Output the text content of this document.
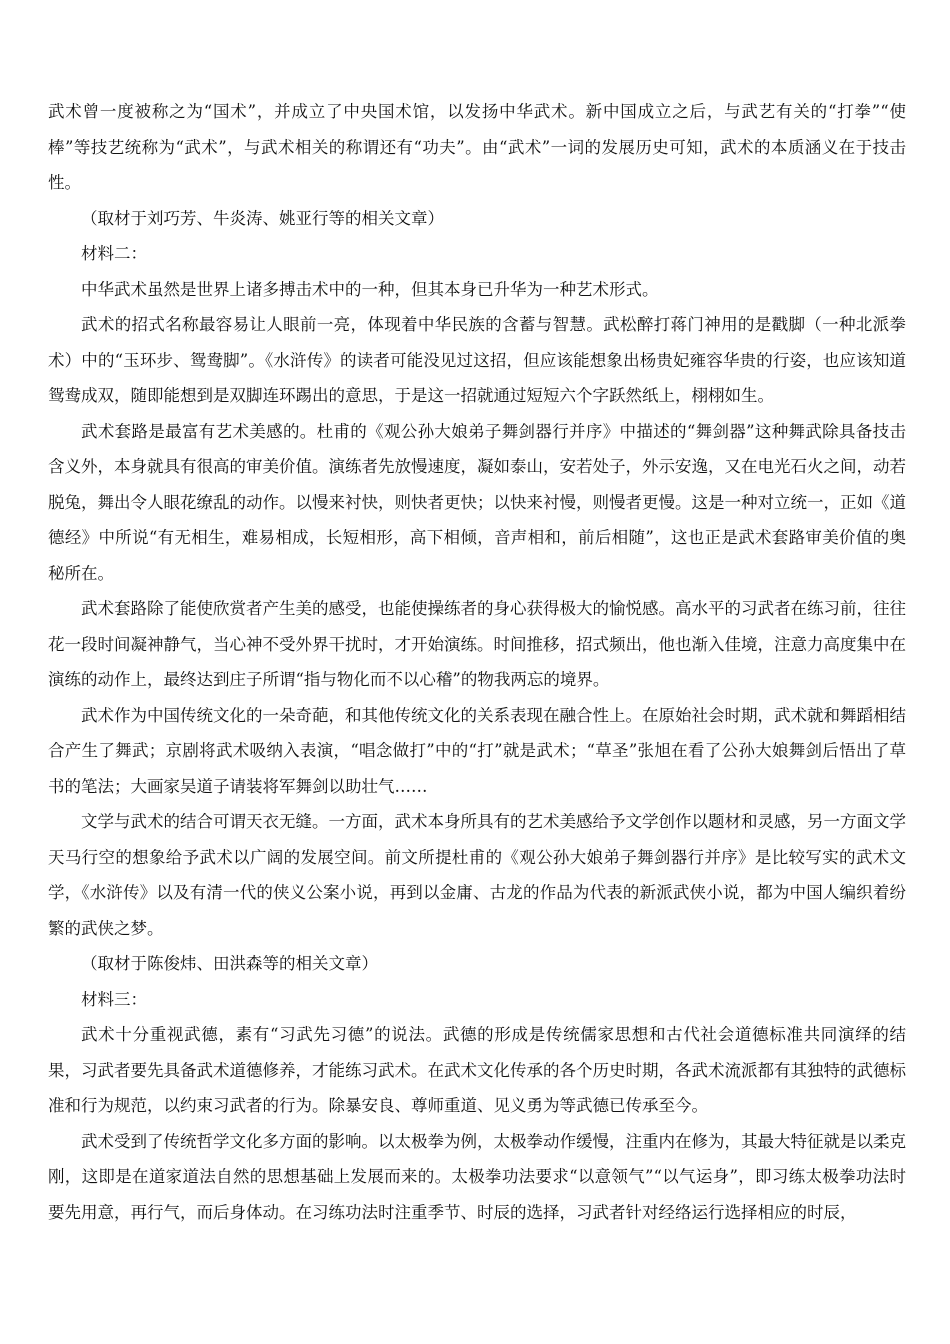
武术曾一度被称之为“国术”，并成立了中央国术馆，以发扬中华武术。新中国成立之后，与武艺有关的“打拳”“使棒”等技艺统称为“武术”，与武术相关的称谓还有“功夫”。由“武术”一词的发展历史可知，武术的本质涵义在于技击性。

（取材于刘巧芳、牛炎涛、姚亚行等的相关文章）

材料二：

中华武术虽然是世界上诸多搏击术中的一种，但其本身已升华为一种艺术形式。

武术的招式名称最容易让人眼前一亮，体现着中华民族的含蓄与智慧。武松醉打蒋门神用的是戳脚（一种北派拳术）中的“玉环步、鸳鸯脚”。《水浒传》的读者可能没见过这招，但应该能想象出杨贵妃雍容华贵的行姿，也应该知道鸳鸯成双，随即能想到是双脚连环踢出的意思，于是这一招就通过短短六个字跃然纸上，栩栩如生。

武术套路是最富有艺术美感的。杜甫的《观公孙大娘弟子舞剑器行并序》中描述的“舞剑器”这种舞武除具备技击含义外，本身就具有很高的审美价值。演练者先放慢速度，凝如泰山，安若处子，外示安逸，又在电光石火之间，动若脱兔，舞出令人眼花缭乱的动作。以慢来衬快，则快者更快；以快来衬慢，则慢者更慢。这是一种对立统一，正如《道德经》中所说“有无相生，难易相成，长短相形，高下相倾，音声相和，前后相随”，这也正是武术套路审美价值的奥秘所在。

武术套路除了能使欣赏者产生美的感受，也能使操练者的身心获得极大的愉悦感。高水平的习武者在练习前，往往花一段时间凝神静气，当心神不受外界干扰时，才开始演练。时间推移，招式频出，他也渐入佳境，注意力高度集中在演练的动作上，最终达到庄子所谓“指与物化而不以心稽”的物我两忘的境界。

武术作为中国传统文化的一朵奇葩，和其他传统文化的关系表现在融合性上。在原始社会时期，武术就和舞蹈相结合产生了舞武；京剧将武术吸纳入表演，“唱念做打”中的“打”就是武术；“草圣”张旭在看了公孙大娘舞剑后悟出了草书的笔法；大画家吴道子请装将军舞剑以助壮气……

文学与武术的结合可谓天衣无缝。一方面，武术本身所具有的艺术美感给予文学创作以题材和灵感，另一方面文学天马行空的想象给予武术以广阔的发展空间。前文所提杜甫的《观公孙大娘弟子舞剑器行并序》是比较写实的武术文学，《水浒传》以及有清一代的侠义公案小说，再到以金庸、古龙的作品为代表的新派武侠小说，都为中国人编织着纷繁的武侠之梦。

（取材于陈俊炜、田洪森等的相关文章）

材料三：

武术十分重视武德，素有“习武先习德”的说法。武德的形成是传统儒家思想和古代社会道德标准共同演绎的结果，习武者要先具备武术道德修养，才能练习武术。在武术文化传承的各个历史时期，各武术流派都有其独特的武德标准和行为规范，以约束习武者的行为。除暴安良、尊师重道、见义勇为等武德已传承至今。

武术受到了传统哲学文化多方面的影响。以太极拳为例，太极拳动作缓慢，注重内在修为，其最大特征就是以柔克刚，这即是在道家道法自然的思想基础上发展而来的。太极拳功法要求“以意领气”“以气运身”，即习练太极拳功法时要先用意，再行气，而后身体动。在习练功法时注重季节、时辰的选择，习武者针对经络运行选择相应的时辰，
